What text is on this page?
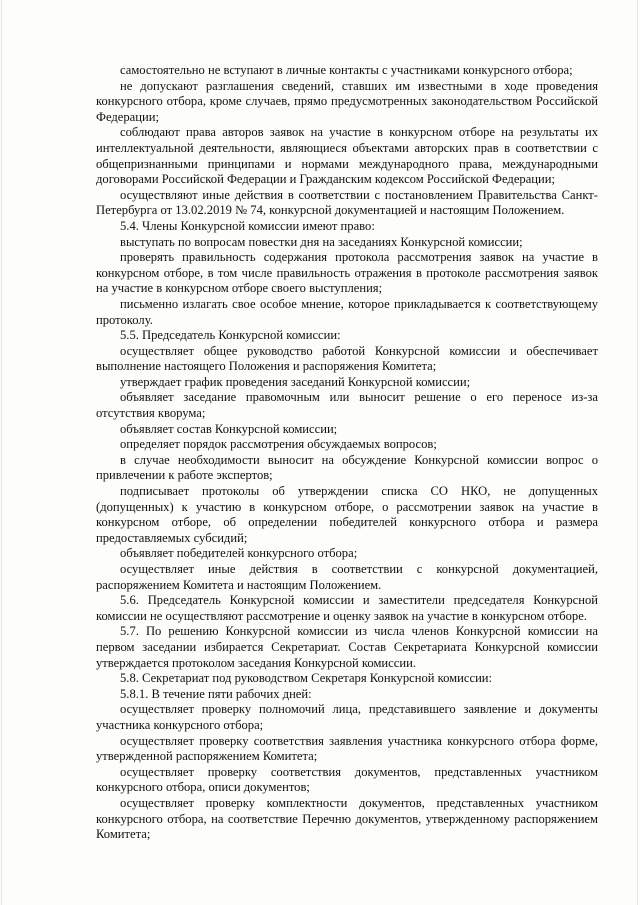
самостоятельно не вступают в личные контакты с участниками конкурсного отбора;

не допускают разглашения сведений, ставших им известными в ходе проведения конкурсного отбора, кроме случаев, прямо предусмотренных законодательством Российской Федерации;

соблюдают права авторов заявок на участие в конкурсном отборе на результаты их интеллектуальной деятельности, являющиеся объектами авторских прав в соответствии с общепризнанными принципами и нормами международного права, международными договорами Российской Федерации и Гражданским кодексом Российской Федерации;

осуществляют иные действия в соответствии с постановлением Правительства Санкт-Петербурга от 13.02.2019 № 74, конкурсной документацией и настоящим Положением.

5.4. Члены Конкурсной комиссии имеют право:

выступать по вопросам повестки дня на заседаниях Конкурсной комиссии;

проверять правильность содержания протокола рассмотрения заявок на участие в конкурсном отборе, в том числе правильность отражения в протоколе рассмотрения заявок на участие в конкурсном отборе своего выступления;

письменно излагать свое особое мнение, которое прикладывается к соответствующему протоколу.

5.5. Председатель Конкурсной комиссии:

осуществляет общее руководство работой Конкурсной комиссии и обеспечивает выполнение настоящего Положения и распоряжения Комитета;

утверждает график проведения заседаний Конкурсной комиссии;

объявляет заседание правомочным или выносит решение о его переносе из-за отсутствия кворума;

объявляет состав Конкурсной комиссии;

определяет порядок рассмотрения обсуждаемых вопросов;

в случае необходимости выносит на обсуждение Конкурсной комиссии вопрос о привлечении к работе экспертов;

подписывает протоколы об утверждении списка СО НКО, не допущенных (допущенных) к участию в конкурсном отборе, о рассмотрении заявок на участие в конкурсном отборе, об определении победителей конкурсного отбора и размера предоставляемых субсидий;

объявляет победителей конкурсного отбора;

осуществляет иные действия в соответствии с конкурсной документацией, распоряжением Комитета и настоящим Положением.

5.6. Председатель Конкурсной комиссии и заместители председателя Конкурсной комиссии не осуществляют рассмотрение и оценку заявок на участие в конкурсном отборе.

5.7. По решению Конкурсной комиссии из числа членов Конкурсной комиссии на первом заседании избирается Секретариат. Состав Секретариата Конкурсной комиссии утверждается протоколом заседания Конкурсной комиссии.

5.8. Секретариат под руководством Секретаря Конкурсной комиссии:

5.8.1. В течение пяти рабочих дней:

осуществляет проверку полномочий лица, представившего заявление и документы участника конкурсного отбора;

осуществляет проверку соответствия заявления участника конкурсного отбора форме, утвержденной распоряжением Комитета;

осуществляет проверку соответствия документов, представленных участником конкурсного отбора, описи документов;

осуществляет проверку комплектности документов, представленных участником конкурсного отбора, на соответствие Перечню документов, утвержденному распоряжением Комитета;
